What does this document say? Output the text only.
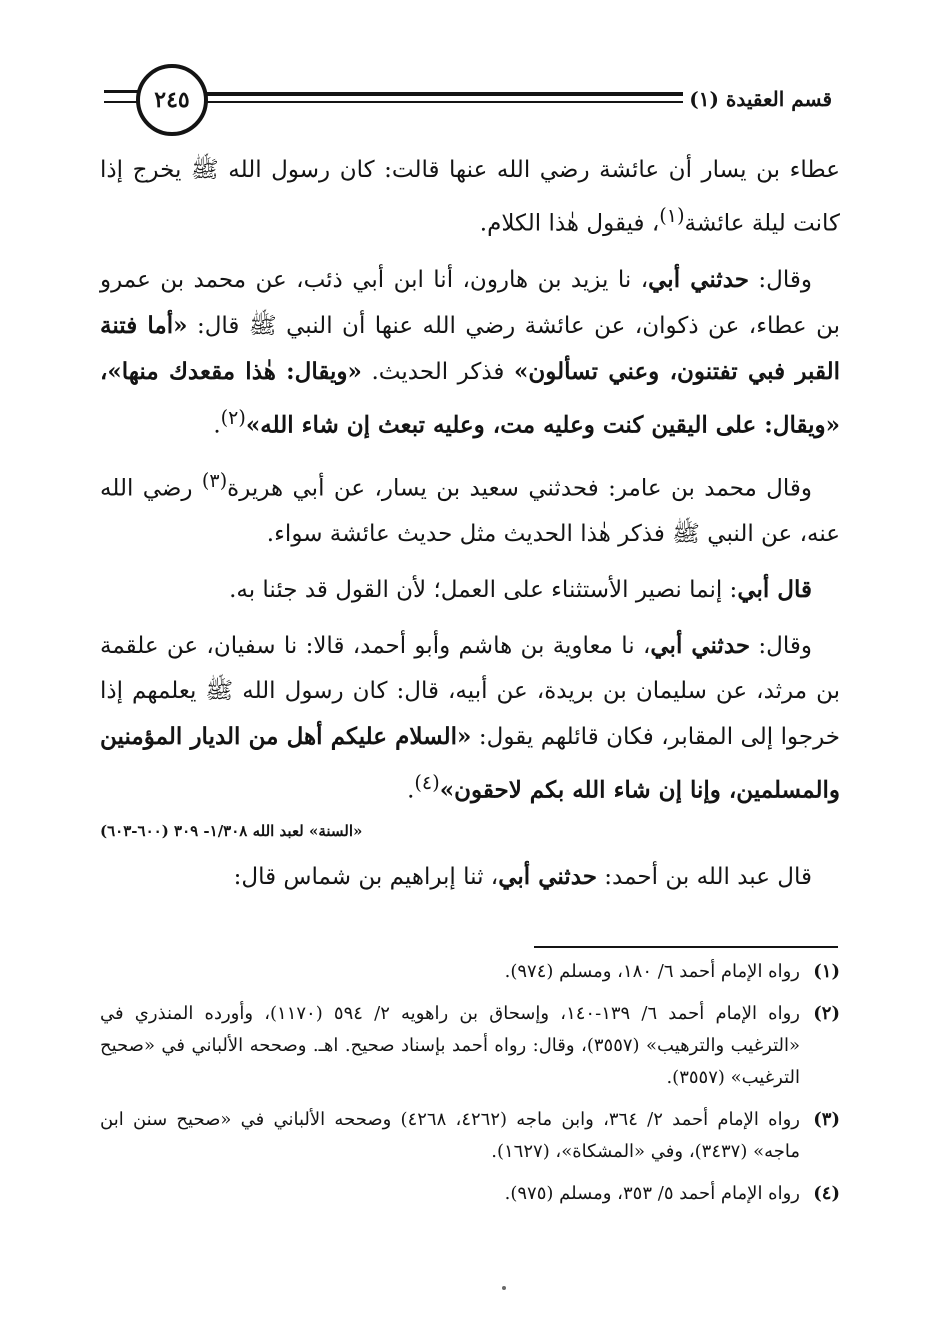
٢٤٥	قسم العقيدة (١)

عطاء بن يسار أن عائشة رضي الله عنها قالت: كان رسول الله ﷺ يخرج إذا كانت ليلة عائشة$^{(١)}$، فيقول هٰذا الكلام.

وقال: حدثني أبي، نا يزيد بن هارون، أنا ابن أبي ذئب، عن محمد بن عمرو بن عطاء، عن ذكوان، عن عائشة رضي الله عنها أن النبي ﷺ قال: «أما فتنة القبر فبي تفتنون، وعني تسألون» فذكر الحديث. «ويقال: هٰذا مقعدك منها»، «ويقال: على اليقين كنت وعليه مت، وعليه تبعث إن شاء الله»$^{(٢)}$.

وقال محمد بن عامر: فحدثني سعيد بن يسار، عن أبي هريرة$^{(٣)}$ رضي الله عنه، عن النبي ﷺ فذكر هٰذا الحديث مثل حديث عائشة سواء.

قال أبي: إنما نصير الأستثناء على العمل؛ لأن القول قد جئنا به.

وقال: حدثني أبي، نا معاوية بن هاشم وأبو أحمد، قالا: نا سفيان، عن علقمة بن مرثد، عن سليمان بن بريدة، عن أبيه، قال: كان رسول الله ﷺ يعلمهم إذا خرجوا إلى المقابر، فكان قائلهم يقول: «السلام عليكم أهل من الديار المؤمنين والمسلمين، وإنا إن شاء الله بكم لاحقون»$^{(٤)}$.

«السنة» لعبد الله ١/٣٠٨- ٣٠٩ (٦٠٠-٦٠٣)

قال عبد الله بن أحمد: حدثني أبي، ثنا إبراهيم بن شماس قال:

(١)
رواه الإمام أحمد ٦/ ١٨٠، ومسلم (٩٧٤).
(٢)
رواه الإمام أحمد ٦/ ١٣٩-١٤٠، وإسحاق بن راهويه ٢/ ٥٩٤ (١١٧٠)، وأورده المنذري في «الترغيب والترهيب» (٣٥٥٧)، وقال: رواه أحمد بإسناد صحيح. اهـ. وصححه الألباني في «صحيح الترغيب» (٣٥٥٧).
(٣)
رواه الإمام أحمد ٢/ ٣٦٤، وابن ماجه (٤٢٦٢، ٤٢٦٨) وصححه الألباني في «صحيح سنن ابن ماجه» (٣٤٣٧)، وفي «المشكاة»، (١٦٢٧).
(٤)
رواه الإمام أحمد ٥/ ٣٥٣، ومسلم (٩٧٥).
